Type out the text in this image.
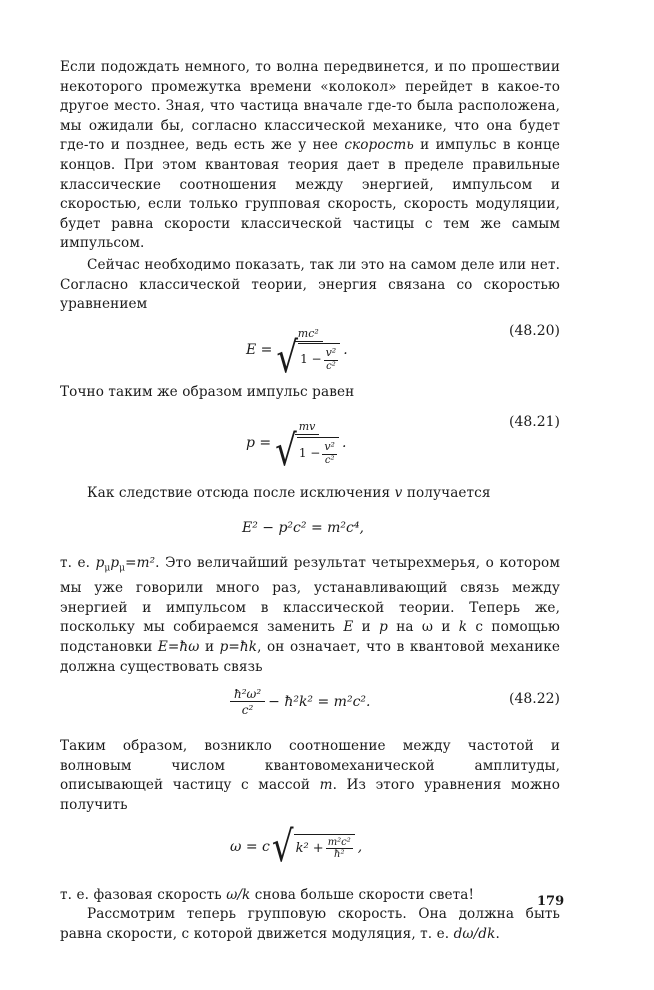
Если подождать немного, то волна передвинется, и по прошествии некоторого промежутка времени «колокол» перейдет в какое-то другое место. Зная, что частица вначале где-то была расположена, мы ожидали бы, согласно классической механике, что она будет где-то и позднее, ведь есть же у нее скорость и импульс в конце концов. При этом квантовая теория дает в пределе правильные классические соотношения между энергией, импульсом и скоростью, если только групповая скорость, скорость модуляции, будет равна скорости классической частицы с тем же самым импульсом.

Сейчас необходимо показать, так ли это на самом деле или нет. Согласно классической теории, энергия связана со скоростью уравнением

$E = \frac{\text{mc²}}{√ 1 - \frac{\text{v²}}{\text{c²}}}$ .
(48.20)

Точно таким же образом импульс равен

$p = \frac{mv}{√ 1 - \frac{\text{v²}}{\text{c²}}}$ .
(48.21)

Как следствие отсюда после исключения v получается

E² − p²c² = m²c⁴,

т. е. $p_\mu p_\mu=m^2$. Это величайший результат четырехмерья, о котором мы уже говорили много раз, устанавливающий связь между энергией и импульсом в классической теории. Теперь же, поскольку мы собираемся заменить E и p на ω и k с помощью подстановки E=ħω и p=ħk, он означает, что в квантовой механике должна существовать связь

$\frac{\text{ħ²ω²}}{\text{c²}}$ − ħ²k² = m²c².	(48.22)

Таким образом, возникло соотношение между частотой и волновым числом квантовомеханической амплитуды, описывающей частицу с массой m. Из этого уравнения можно получить

ω = c √ $k^2 + \frac{\text{m²c²}}{\text{ħ²}}$ ,

т. е. фазовая скорость ω/k снова больше скорости света!

Рассмотрим теперь групповую скорость. Она должна быть равна скорости, с которой движется модуляция, т. е. dω/dk.

179
